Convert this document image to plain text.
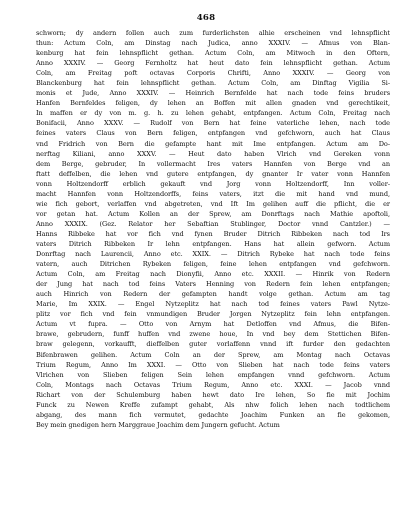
468
schworn; dy andern follen auch zum furderlichsten alhie erscheinen vnd lehnspflicht
thun: Actum Coln, am Dinstag nach Judica, anno XXXIV. — Afmus von Blan-
kenburg hat fein lehnspflicht gethan. Actum Coln, am Mitwoch in den Oftern,
Anno XXXIV. — Georg Fernholtz hat heut dato fein lehnspflicht gethan. Actum
Coln, am Freitag poft octavas Corporis Chrifti, Anno XXXIV. — Georg von
Blanckenburg hat fein lehnspflicht gethan. Actum Coln, am Dinftag Vigilia Si-
monis et Jude, Anno XXXIV. — Heinrich Bernfelde hat nach tode feins bruders
Hanfen Bernfeldes feligen, dy lehen an Boffen mit allen gnaden vnd gerechtikeit,
In maffen er dy von m. g. h. zu lehen gehabt, entpfangen. Actum Coln, Freitag nach
Bonifacii, Anno XXXV. — Rudolf von Bern hat feine vaterliche lehen, nach tode
feines vaters Claus von Bern feligen, entpfangen vnd gefchworn, auch hat Claus
vnd Fridrich von Bern die gefampte hant mit Ime entpfangen. Actum am Do-
nerftag Kiliani, anno XXXV. — Heut dato haben Vlrich vnd Gereken vonn
dem Berge, gebruder, In vollermacht Ires vaters Hannfen von Berge vnd an
ftatt deffelben, die lehen vnd gutere entpfangen, dy gnanter Ir vater vonn Hannfen
vonn Holtzendorff erblich gekauft vnd Jorg vonn Holtzendorff, Inn voller-
macht Hannfen vonn Holtzendorffs, feins vaters, itzt die mit hand vnd mund,
wie fich gebort, verlaffen vnd abgetreten, vnd Ift Im gelihen auff die pflicht, die er
vor getan hat. Actum Kollen an der Sprew, am Donrftags nach Mathie apoftoli,
Anno XXXIX. (Gez. Relator her Sebaftian Stublinger, Doctor vnnd Cantzler.) —
Hanns Ribbeke hat vor fich vnd fynen Bruder Ditrich Ribbeken nach tod Irs
vaters Ditrich Ribbeken Ir lehn entpfangen. Hans hat allein gefworn. Actum
Donrftag nach Laurencii, Anno etc. XXIX. — Ditrich Rybeke hat nach tode feins
vatern, auch Ditrichen Rybeken feligen, feine lehen entpfangen vnd gefchworn.
Actum Coln, am Freitag nach Dionyfii, Anno etc. XXXII. — Hinrik von Redern
der Jung hat nach tod feins Vaters Henning von Redern fein lehen entpfangen;
auch Hinrich von Redern der gefampten handt volge gethan. Actum am tag
Marie, Im XXIX. — Engel Nytzeplitz hat nach tod feines vaters Pawl Nytze-
plitz vor fich vnd fein vnmundigen Bruder Jorgen Nytzeplitz fein lehn entpfangen.
Actum vt fupra. — Otto von Arnym hat Detloffen vnd Afmus, die Bifen-
brawe, gebrudern, funff huffen vnd zwene houe, In vnd bey dem Stettichen Bifen-
braw gelegenn, vorkaufft, dieffelben guter vorlaffenn vnnd ift furder den gedachten
Bifenbrawen gelihen. Actum Coln an der Sprew, am Montag nach Octavas
Trium Regum, Anno Im XXXI. — Otto von Slieben hat nach tode feins vaters
Vlrichen von Slieben feligen Sein lehen empfangen vnnd gefchworn. Actum
Coln, Montags nach Octavas Trium Regum, Anno etc. XXXI. — Jacob vnnd
Richart von der Schulemburg haben hewt dato Ire lehen, So fie mit Jochim
Funck zu Newen Kreffe zufampt gehabt, Als nhw folich lehen nach todtlichem
abgang, des mann fich vermutet, gedachte Joachim Funken an fie gekomen,
Bey mein gnedigen hern Marggraue Joachim dem Jungern gefucht. Actum
